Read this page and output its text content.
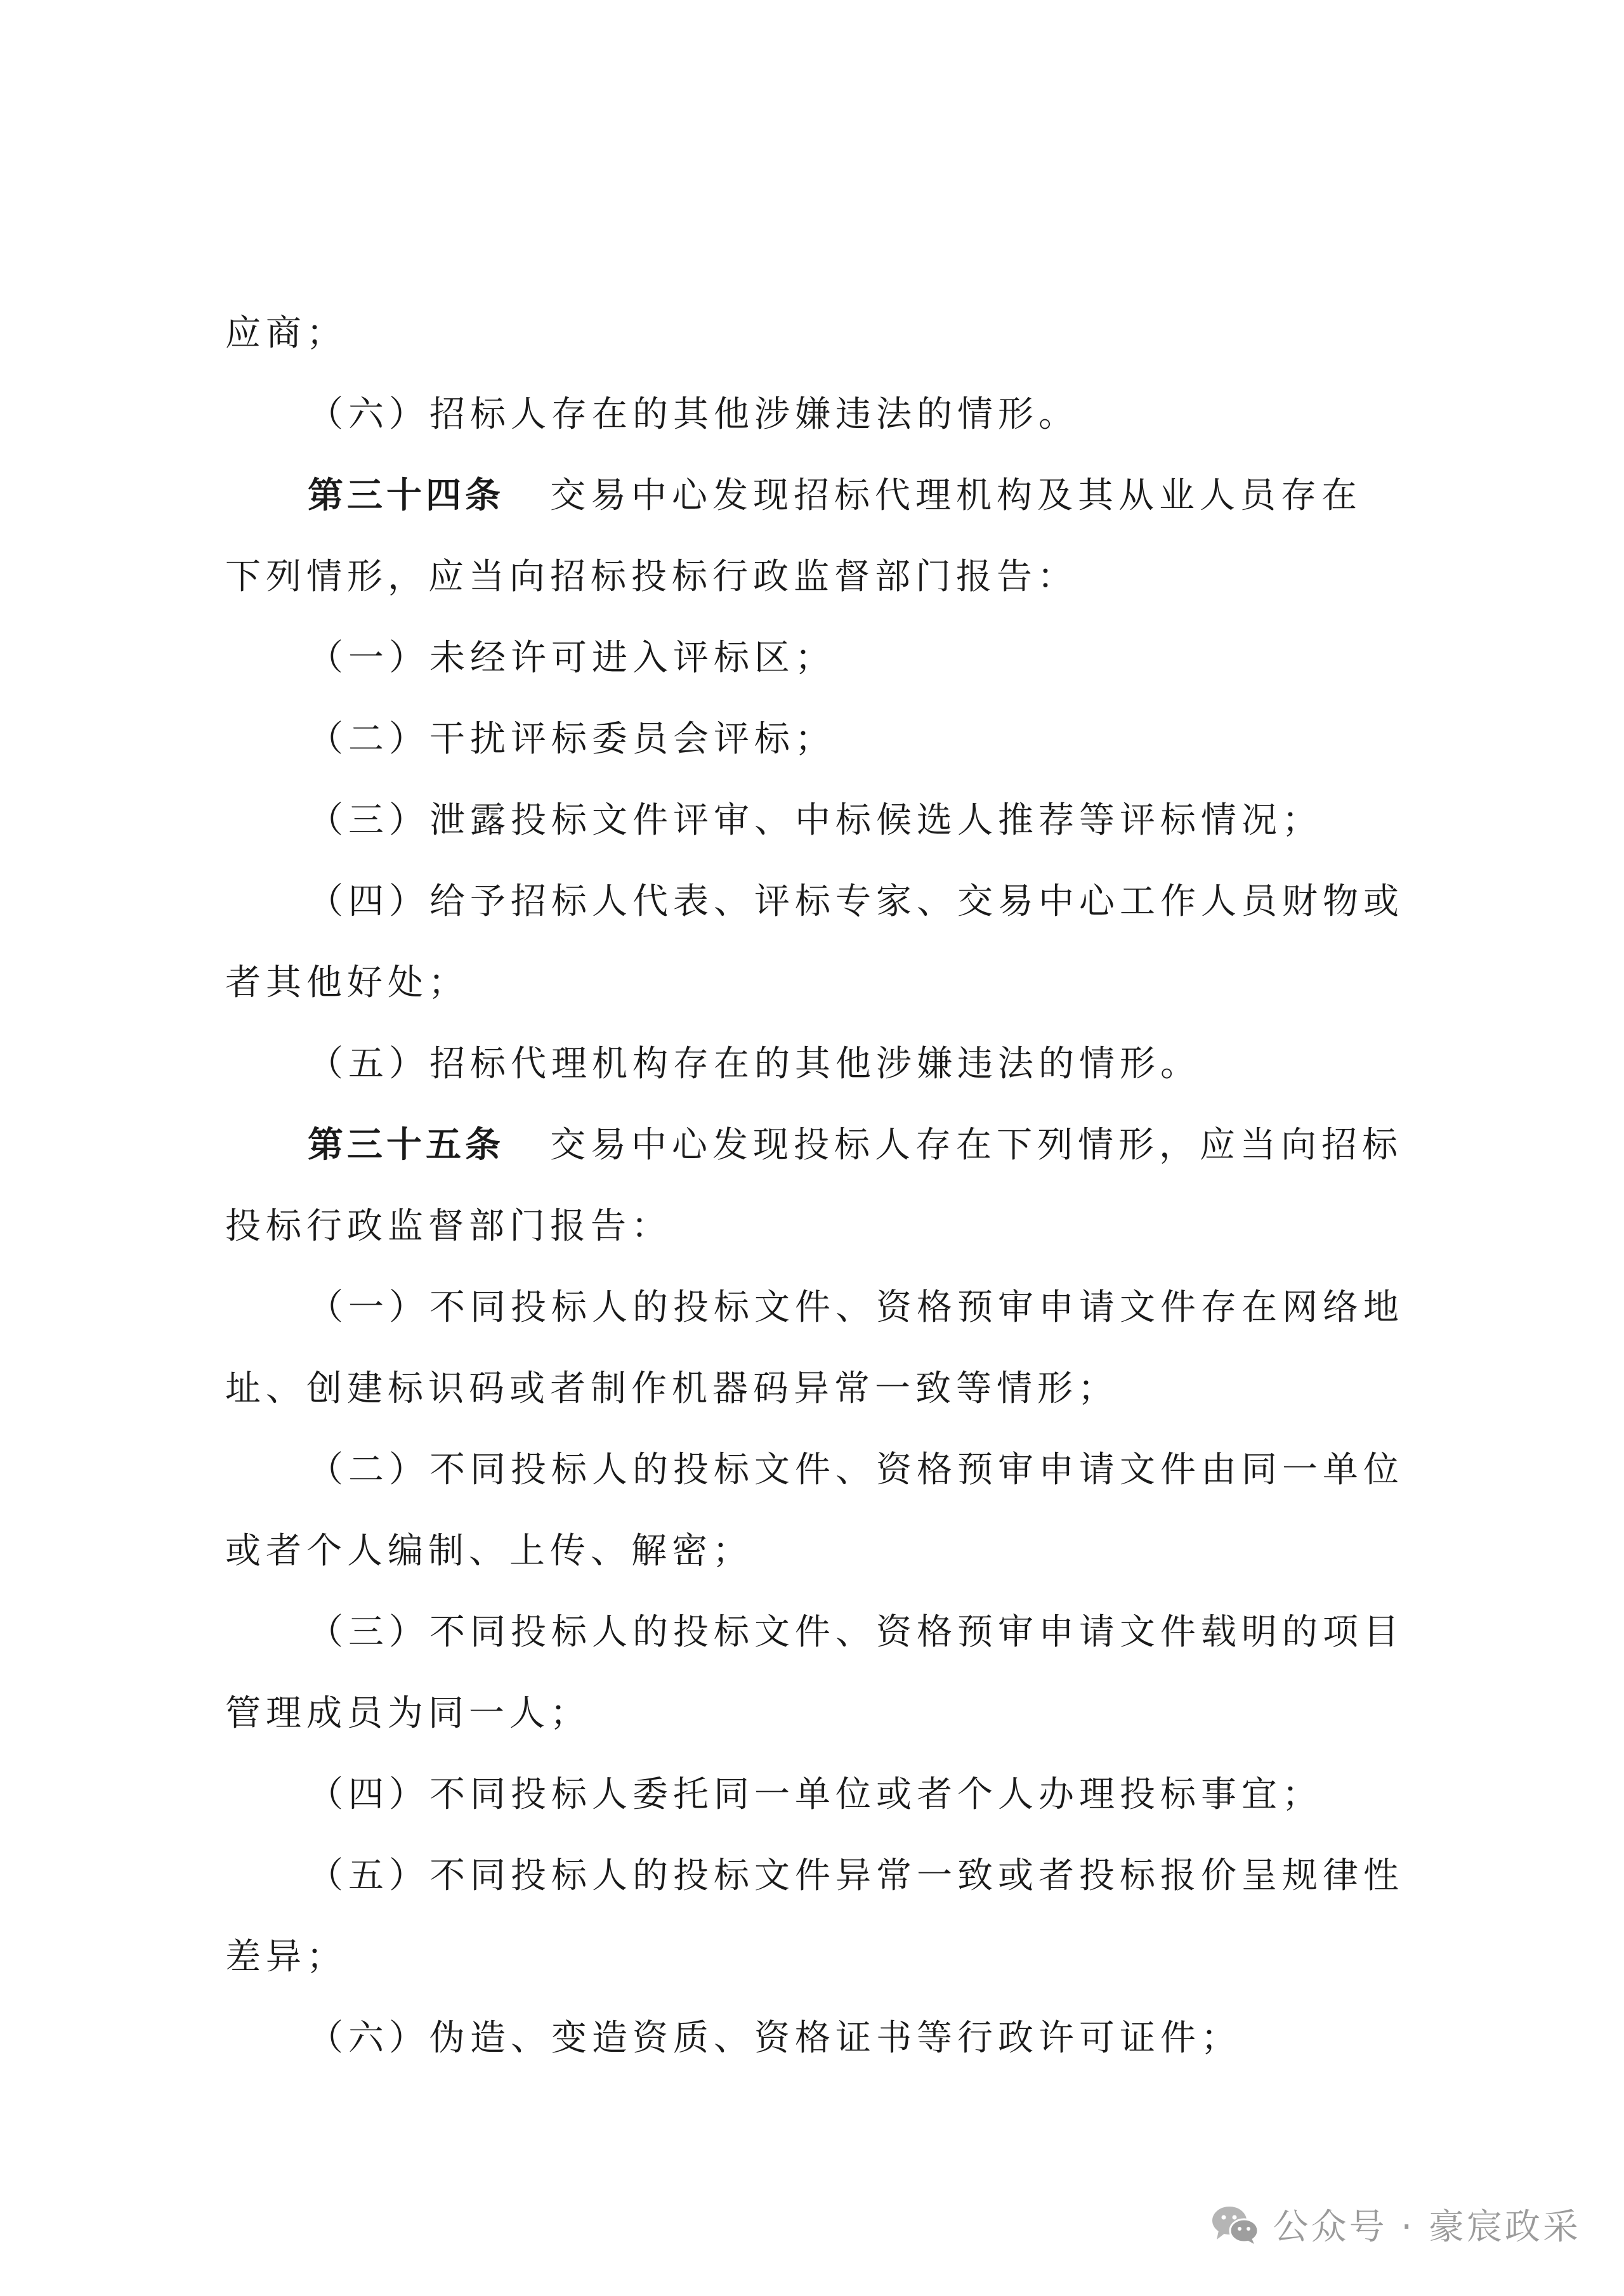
应商；
（六）招标人存在的其他涉嫌违法的情形。
第三十四条 交易中心发现招标代理机构及其从业人员存在
下列情形，应当向招标投标行政监督部门报告：
（一）未经许可进入评标区；
（二）干扰评标委员会评标；
（三）泄露投标文件评审、中标候选人推荐等评标情况；
（四）给予招标人代表、评标专家、交易中心工作人员财物或
者其他好处；
（五）招标代理机构存在的其他涉嫌违法的情形。
第三十五条 交易中心发现投标人存在下列情形，应当向招标
投标行政监督部门报告：
（一）不同投标人的投标文件、资格预审申请文件存在网络地
址、创建标识码或者制作机器码异常一致等情形；
（二）不同投标人的投标文件、资格预审申请文件由同一单位
或者个人编制、上传、解密；
（三）不同投标人的投标文件、资格预审申请文件载明的项目
管理成员为同一人；
（四）不同投标人委托同一单位或者个人办理投标事宜；
（五）不同投标人的投标文件异常一致或者投标报价呈规律性
差异；
（六）伪造、变造资质、资格证书等行政许可证件；
公众号 · 豪宸政采
